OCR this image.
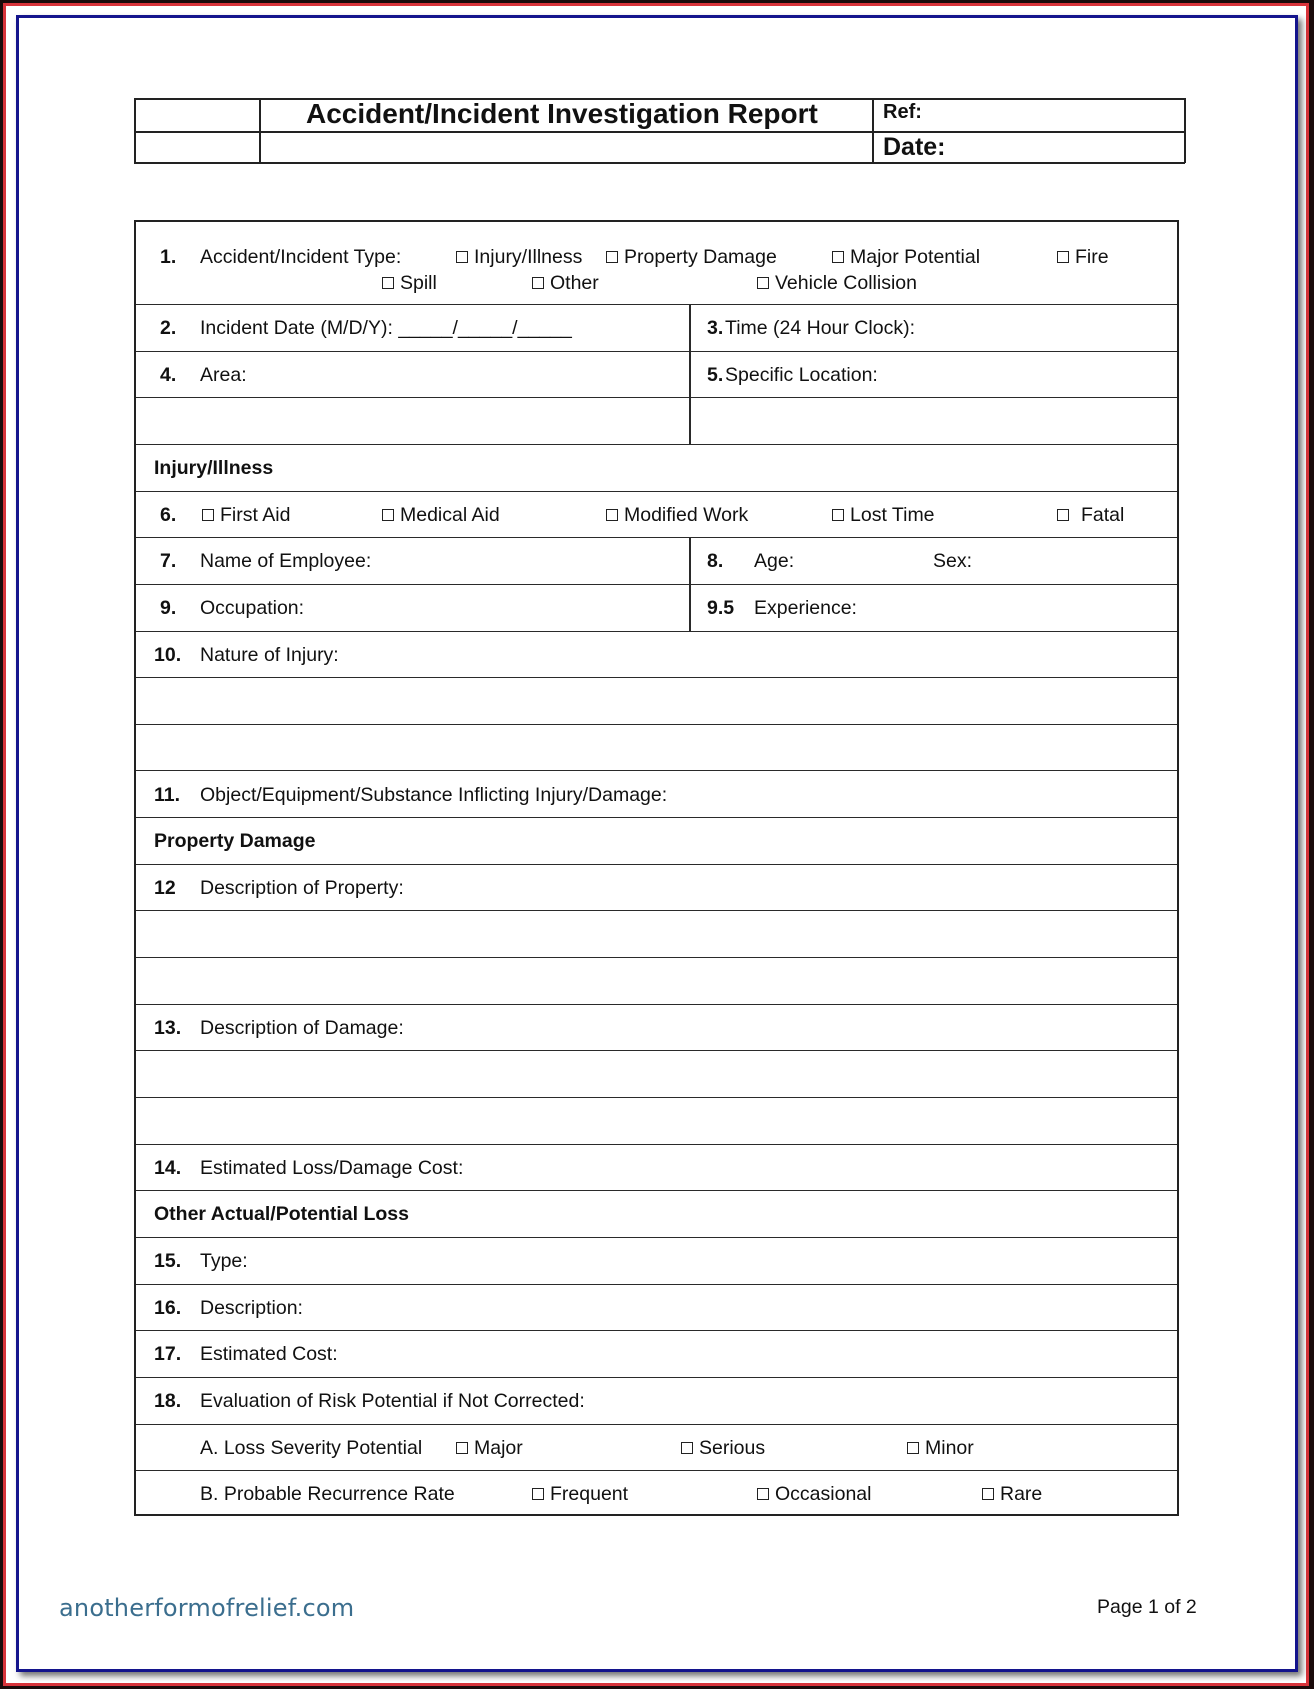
Accident/Incident Investigation Report	Ref:
Date:
1. Accident/Incident Type:	Injury/Illness	Property Damage	Major Potential	Fire
Spill	Other	Vehicle Collision
2. Incident Date (M/D/Y): _____/_____/_____	3. Time (24 Hour Clock):
4. Area:	5. Specific Location:
Injury/Illness
6.	First Aid	Medical Aid	Modified Work	Lost Time	Fatal
7. Name of Employee:	8. Age:	Sex:
9. Occupation:	9.5 Experience:
10. Nature of Injury:
11. Object/Equipment/Substance Inflicting Injury/Damage:
Property Damage
12 Description of Property:
13. Description of Damage:
14. Estimated Loss/Damage Cost:
Other Actual/Potential Loss
15. Type:
16. Description:
17. Estimated Cost:
18. Evaluation of Risk Potential if Not Corrected:
A. Loss Severity Potential	Major	Serious	Minor
B. Probable Recurrence Rate	Frequent	Occasional	Rare
anotherformofrelief.com	Page 1 of 2
